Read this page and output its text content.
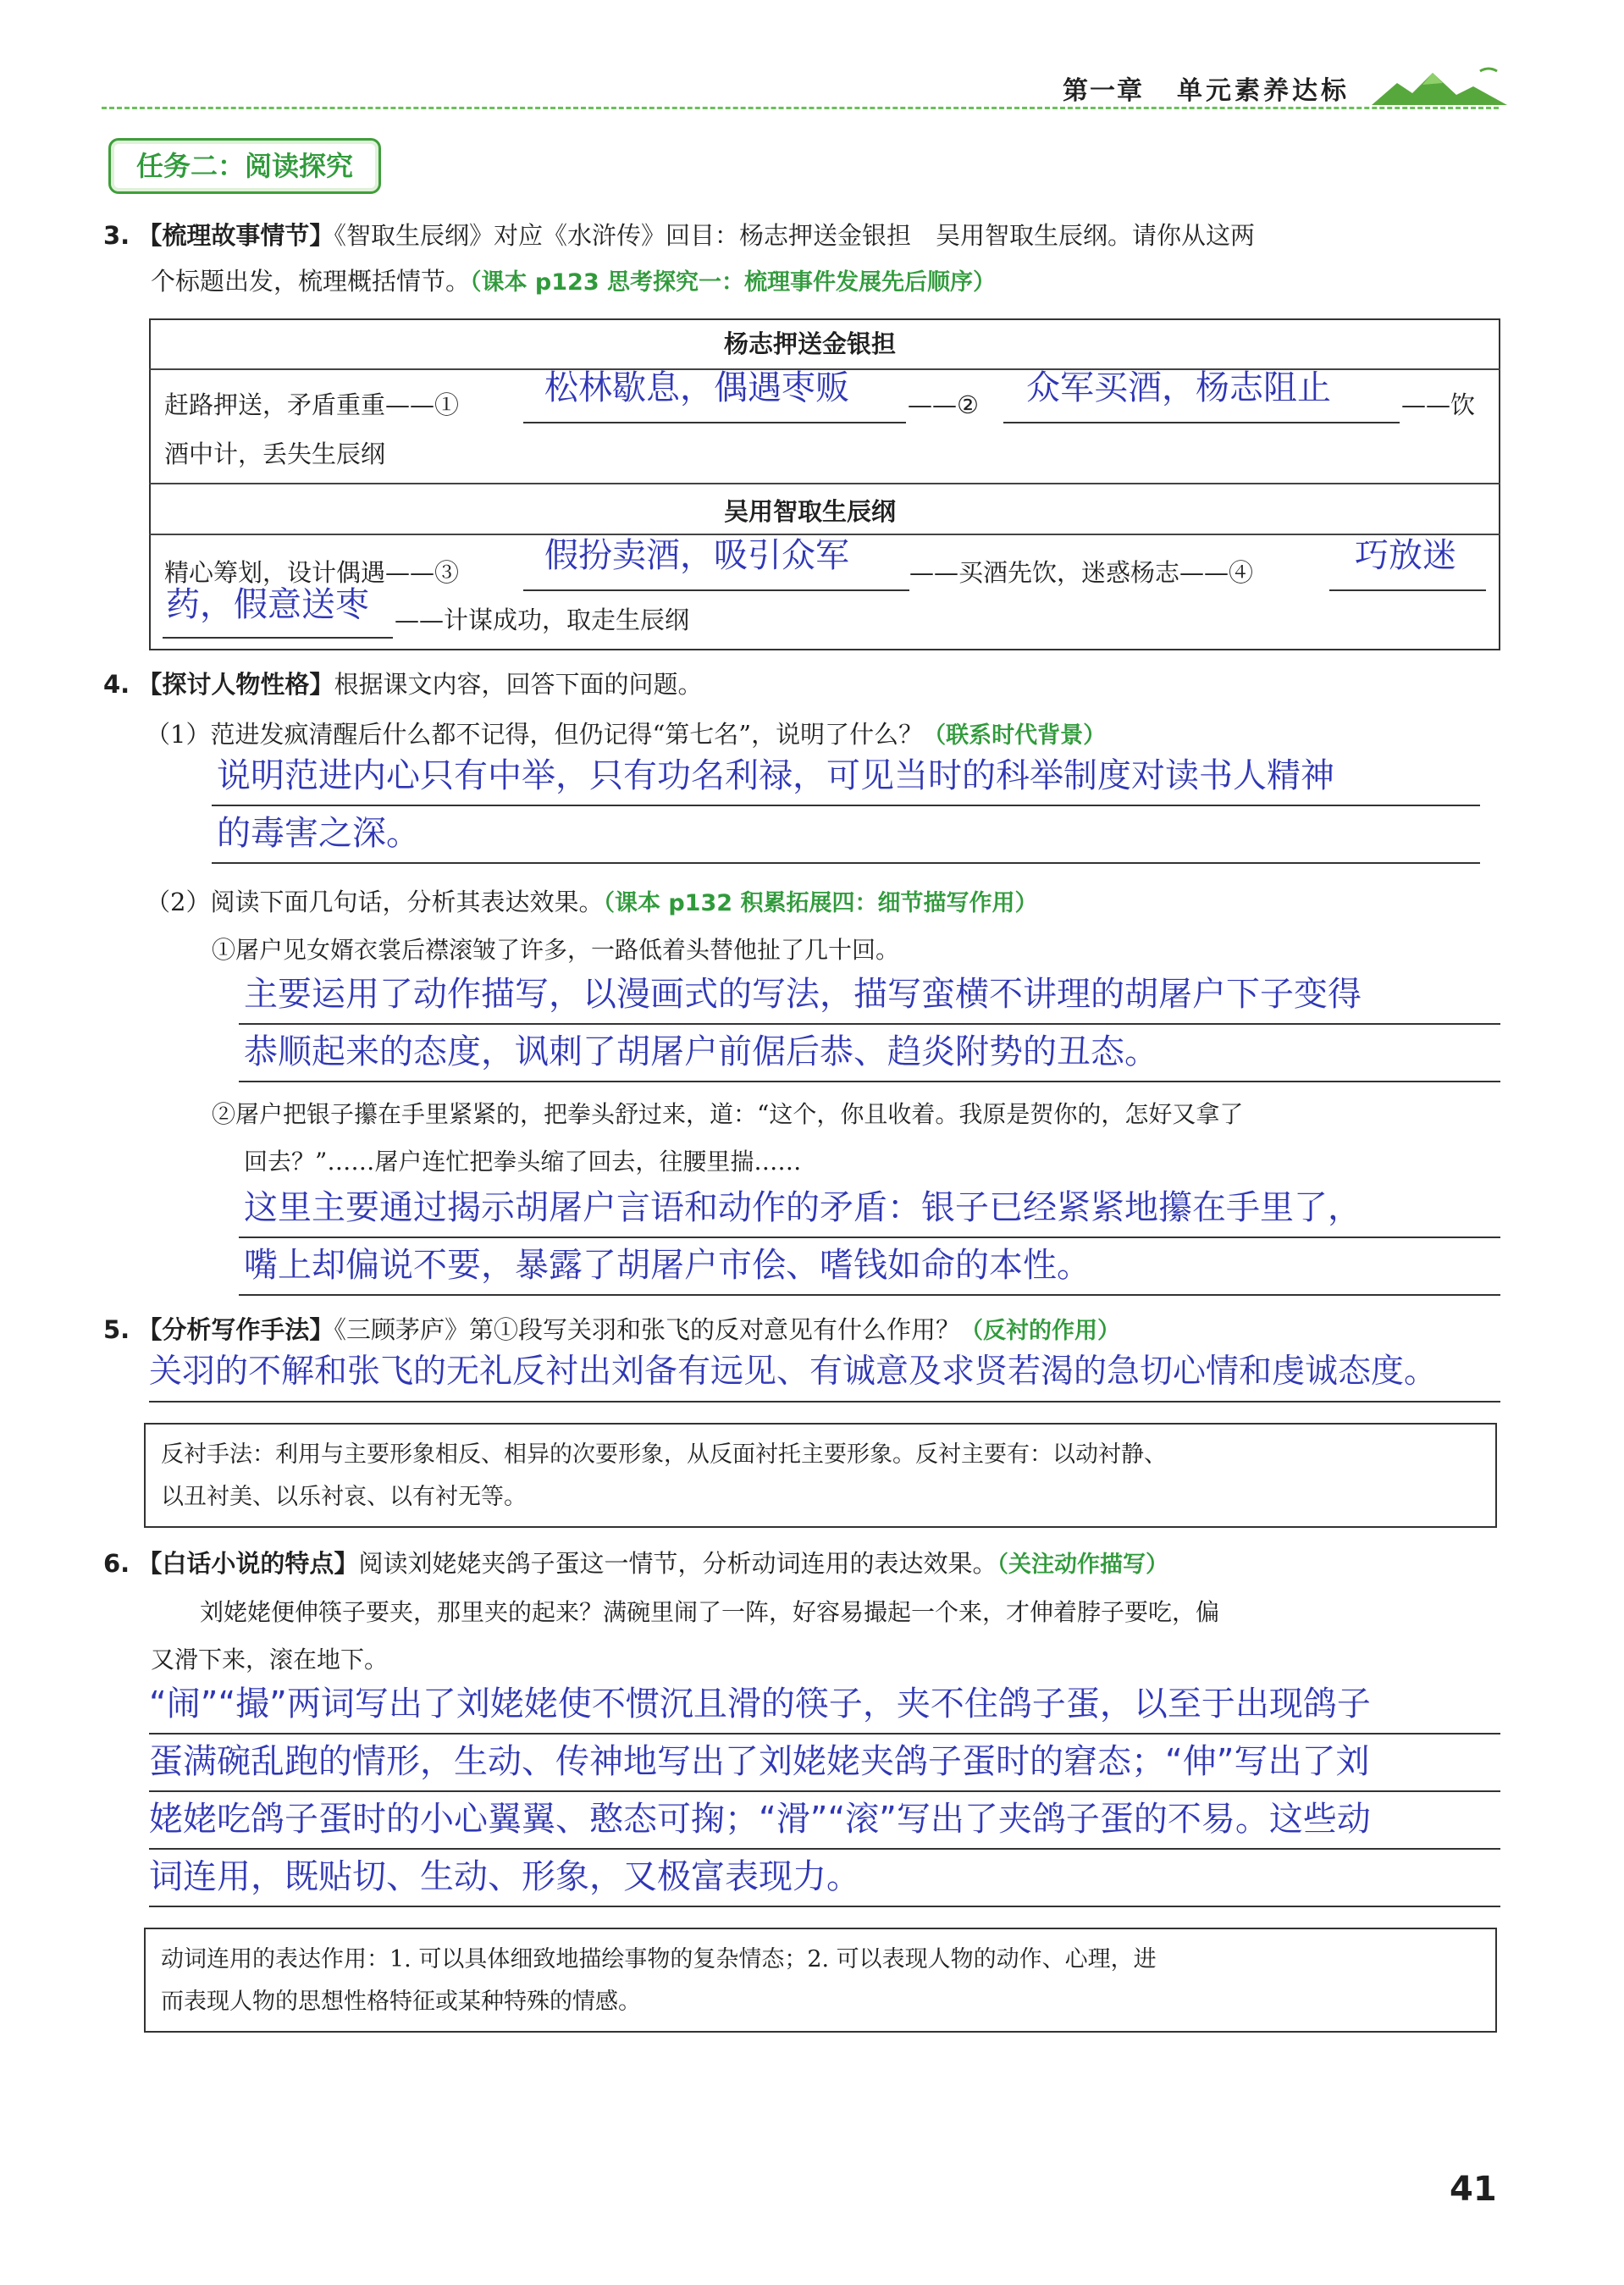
第一章 单元素养达标
任务二：阅读探究
3. 【梳理故事情节】《智取生辰纲》对应《水浒传》回目：杨志押送金银担　吴用智取生辰纲。请你从这两
个标题出发，梳理概括情节。（课本 p123 思考探究一：梳理事件发展先后顺序）
杨志押送金银担
赶路押送，矛盾重重——①	松林歇息，偶遇枣贩 ——② 众军买酒，杨志阻止	——饮
酒中计，丢失生辰纲
吴用智取生辰纲
精心筹划，设计偶遇——③	假扮卖酒，吸引众军 ——买酒先饮，迷惑杨志——④	巧放迷
药，假意送枣 ——计谋成功，取走生辰纲
4. 【探讨人物性格】根据课文内容，回答下面的问题。
（1）范进发疯清醒后什么都不记得，但仍记得“第七名”，说明了什么？（联系时代背景）
说明范进内心只有中举，只有功名利禄，可见当时的科举制度对读书人精神
的毒害之深。
（2）阅读下面几句话，分析其表达效果。（课本 p132 积累拓展四：细节描写作用）
①屠户见女婿衣裳后襟滚皱了许多，一路低着头替他扯了几十回。
主要运用了动作描写，以漫画式的写法，描写蛮横不讲理的胡屠户下子变得
恭顺起来的态度，讽刺了胡屠户前倨后恭、趋炎附势的丑态。
②屠户把银子攥在手里紧紧的，把拳头舒过来，道：“这个，你且收着。我原是贺你的，怎好又拿了
回去？”……屠户连忙把拳头缩了回去，往腰里揣……
这里主要通过揭示胡屠户言语和动作的矛盾：银子已经紧紧地攥在手里了，
嘴上却偏说不要，暴露了胡屠户市侩、嗜钱如命的本性。
5. 【分析写作手法】《三顾茅庐》第①段写关羽和张飞的反对意见有什么作用？（反衬的作用）
关羽的不解和张飞的无礼反衬出刘备有远见、有诚意及求贤若渴的急切心情和虔诚态度。
反衬手法：利用与主要形象相反、相异的次要形象，从反面衬托主要形象。反衬主要有：以动衬静、
以丑衬美、以乐衬哀、以有衬无等。
6. 【白话小说的特点】阅读刘姥姥夹鸽子蛋这一情节，分析动词连用的表达效果。（关注动作描写）
刘姥姥便伸筷子要夹，那里夹的起来？满碗里闹了一阵，好容易撮起一个来，才伸着脖子要吃，偏
又滑下来，滚在地下。
“闹”“撮”两词写出了刘姥姥使不惯沉且滑的筷子，夹不住鸽子蛋，以至于出现鸽子
蛋满碗乱跑的情形，生动、传神地写出了刘姥姥夹鸽子蛋时的窘态；“伸”写出了刘
姥姥吃鸽子蛋时的小心翼翼、憨态可掬；“滑”“滚”写出了夹鸽子蛋的不易。这些动
词连用，既贴切、生动、形象，又极富表现力。
动词连用的表达作用：1. 可以具体细致地描绘事物的复杂情态；2. 可以表现人物的动作、心理，进
而表现人物的思想性格特征或某种特殊的情感。
41
